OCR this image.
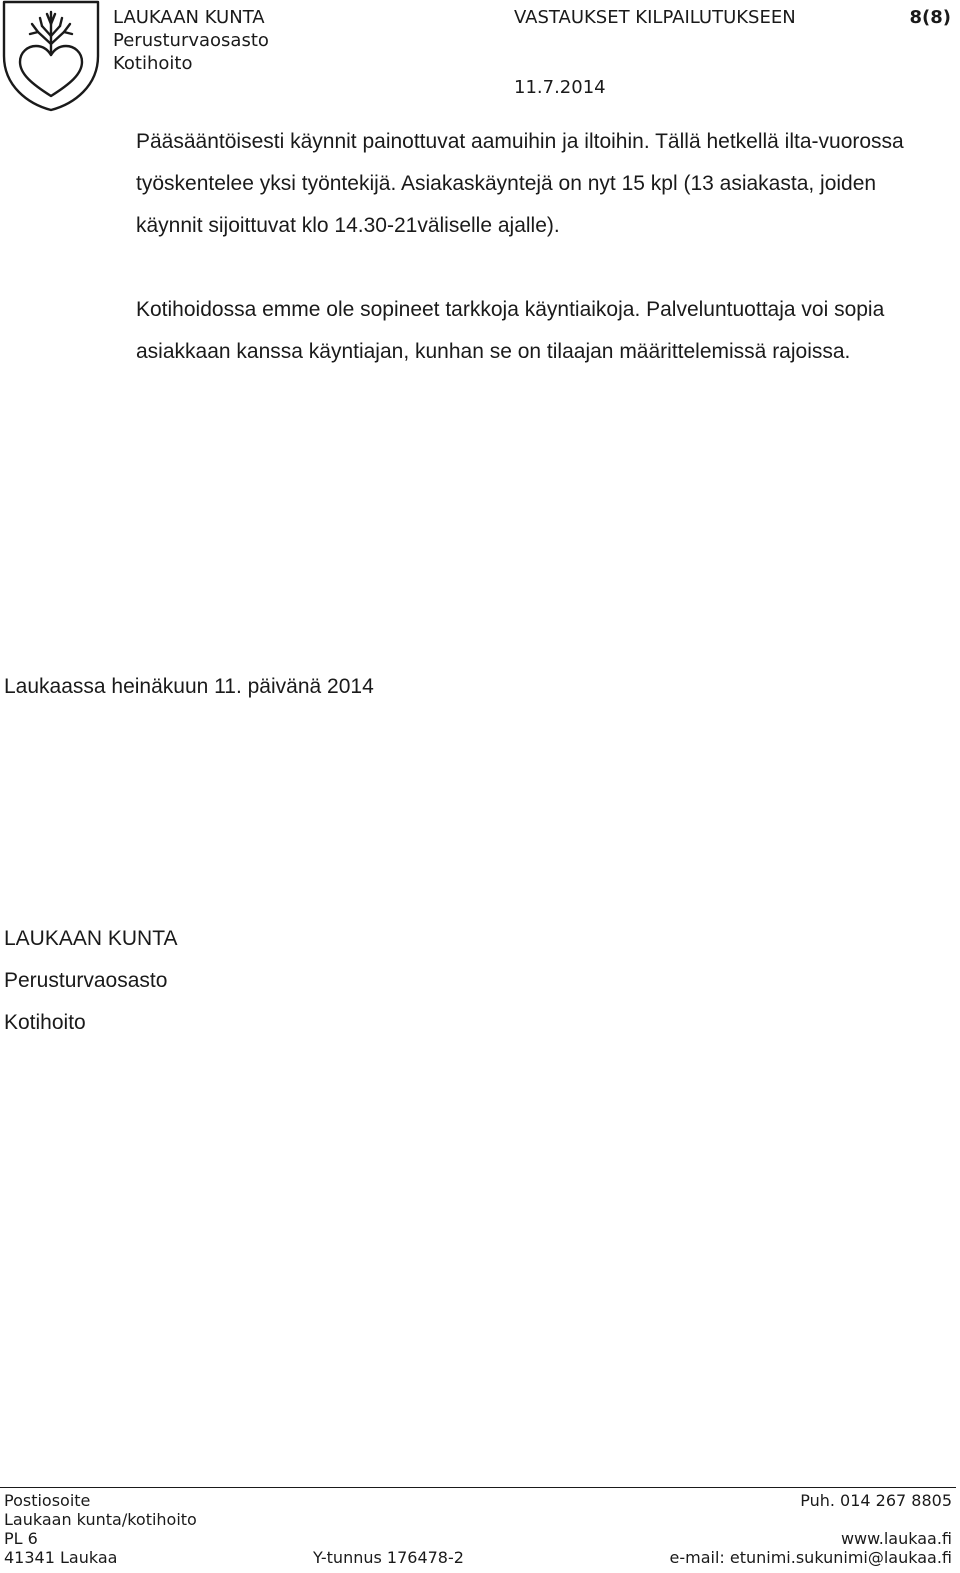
LAUKAAN KUNTA
Perusturvaosasto
Kotihoito
VASTAUKSET KILPAILUTUKSEEN	8(8)
11.7.2014
Pääsääntöisesti käynnit painottuvat aamuihin ja iltoihin. Tällä hetkellä ilta-vuorossa työskentelee yksi työntekijä. Asiakaskäyntejä on nyt 15 kpl (13 asiakasta, joiden käynnit sijoittuvat klo 14.30-21väliselle ajalle).
Kotihoidossa emme ole sopineet tarkkoja käyntiaikoja. Palveluntuottaja voi sopia asiakkaan kanssa käyntiajan, kunhan se on tilaajan määrittelemissä rajoissa.
Laukaassa heinäkuun 11. päivänä 2014
LAUKAAN KUNTA
Perusturvaosasto
Kotihoito
Postiosoite
Laukaan kunta/kotihoito
PL 6
41341 Laukaa	Y-tunnus 176478-2
Puh. 014 267 8805
www.laukaa.fi
e-mail: etunimi.sukunimi@laukaa.fi
